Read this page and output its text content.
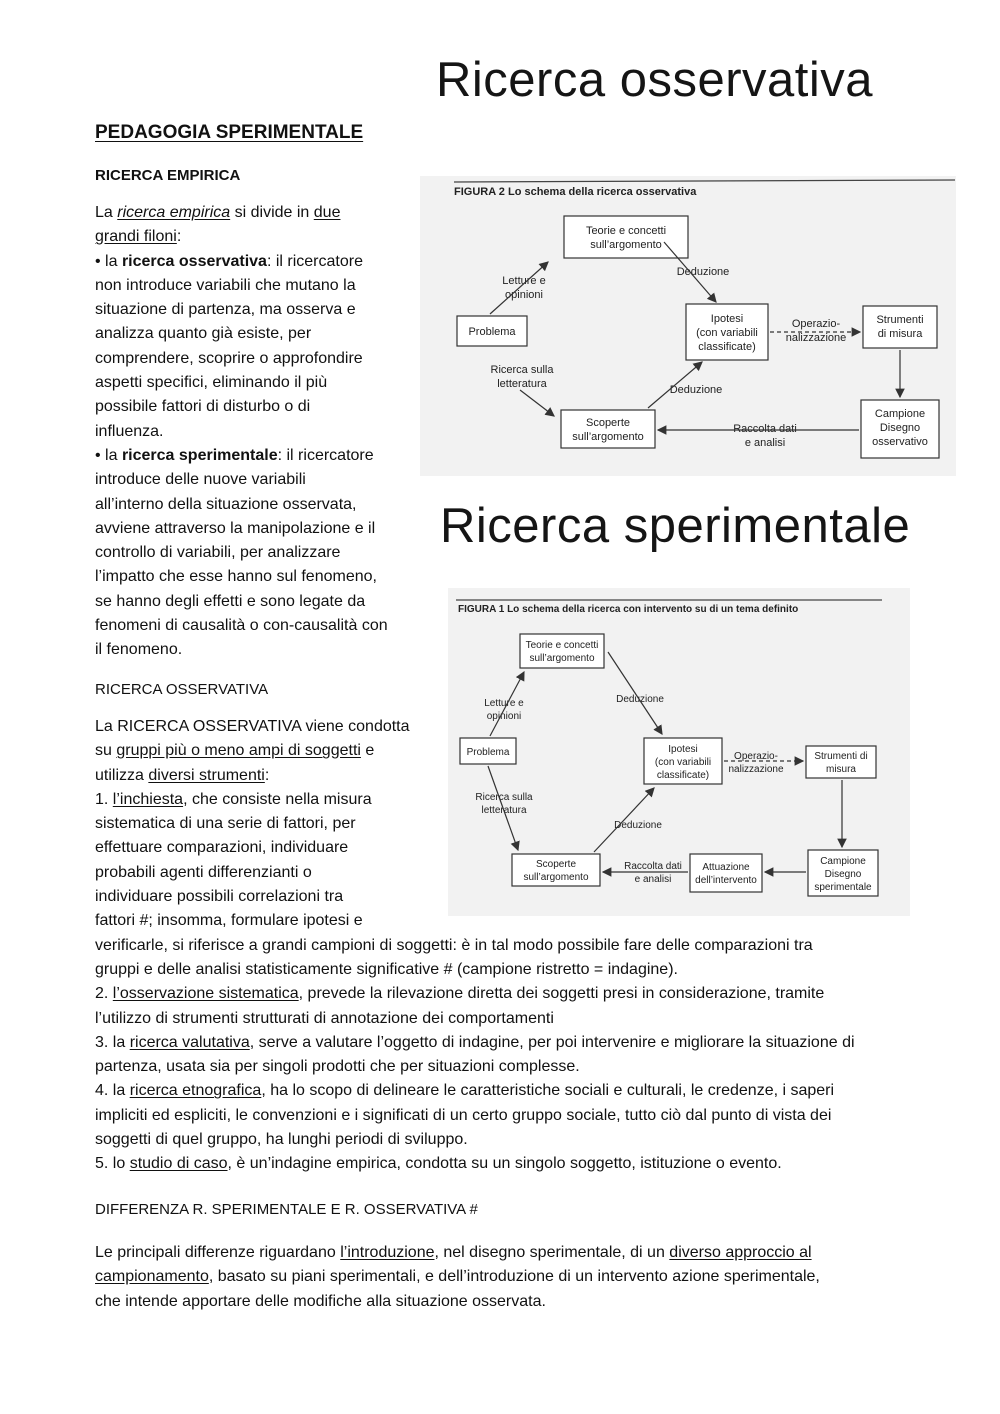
Ricerca osservativa
Ricerca sperimentale
PEDAGOGIA SPERIMENTALE
RICERCA EMPIRICA
La ricerca empirica si divide in due
grandi filoni:
• la ricerca osservativa: il ricercatore
non introduce variabili che mutano la
situazione di partenza, ma osserva e
analizza quanto già esiste, per
comprendere, scoprire o approfondire
aspetti specifici, eliminando il più
possibile fattori di disturbo o di
influenza.
• la ricerca sperimentale: il ricercatore
introduce delle nuove variabili
all’interno della situazione osservata,
avviene attraverso la manipolazione e il
controllo di variabili, per analizzare
l’impatto che esse hanno sul fenomeno,
se hanno degli effetti e sono legate da
fenomeni di causalità o con-causalità con
il fenomeno.
RICERCA OSSERVATIVA
La RICERCA OSSERVATIVA viene condotta
su gruppi più o meno ampi di soggetti e
utilizza diversi strumenti:
1. l’inchiesta, che consiste nella misura
sistematica di una serie di fattori, per
effettuare comparazioni, individuare
probabili agenti differenzianti o
individuare possibili correlazioni tra
fattori #; insomma, formulare ipotesi e
verificarle, si riferisce a grandi campioni di soggetti: è in tal modo possibile fare delle comparazioni tra
gruppi e delle analisi statisticamente significative # (campione ristretto = indagine).
2. l’osservazione sistematica, prevede la rilevazione diretta dei soggetti presi in considerazione, tramite
l’utilizzo di strumenti strutturati di annotazione dei comportamenti
3. la ricerca valutativa, serve a valutare l’oggetto di indagine, per poi intervenire e migliorare la situazione di
partenza, usata sia per singoli prodotti che per situazioni complesse.
4. la ricerca etnografica, ha lo scopo di delineare le caratteristiche sociali e culturali, le credenze, i saperi
impliciti ed espliciti, le convenzioni e i significati di un certo gruppo sociale, tutto ciò dal punto di vista dei
soggetti di quel gruppo, ha lunghi periodi di sviluppo.
5. lo studio di caso, è un’indagine empirica, condotta su un singolo soggetto, istituzione o evento.
DIFFERENZA R. SPERIMENTALE E R. OSSERVATIVA #
Le principali differenze riguardano l’introduzione, nel disegno sperimentale, di un diverso approccio al
campionamento, basato su piani sperimentali, e dell’introduzione di un intervento azione sperimentale,
che intende apportare delle modifiche alla situazione osservata.
FIGURA 2 Lo schema della ricerca osservativa
Teorie e concetti
sull’argomento
Problema
Ipotesi
(con variabili
classificate)
Strumenti
di misura
Scoperte
sull’argomento
Campione
Disegno
osservativo
Letture e
opinioni
Deduzione
Operazio-
nalizzazione
Ricerca sulla
letteratura	Deduzione
Raccolta dati
e analisi
FIGURA 1 Lo schema della ricerca con intervento su di un tema definito
Teorie e concetti
sull’argomento
Problema	Ipotesi
(con variabili
classificate)
Strumenti di
misura
Scoperte
sull’argomento
Attuazione
dell’intervento
Campione
Disegno
sperimentale
Letture e
opinioni
Deduzione
Operazio-
nalizzazione
Ricerca sulla
letteratura
Deduzione
Raccolta dati
e analisi
